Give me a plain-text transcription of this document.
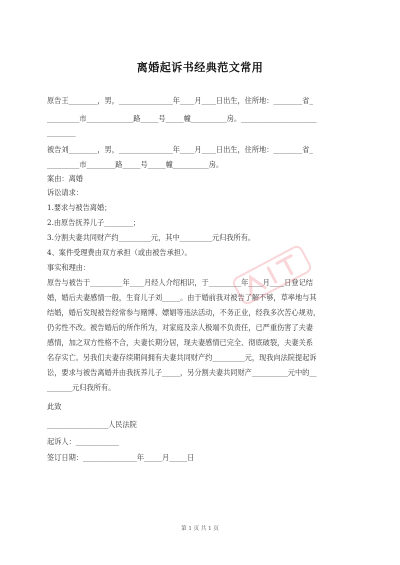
离婚起诉书经典范文常用
原告王________，男，_______________年____月____日出生，住所地：________省_
_________市_____________路_____号_____幢__________房。_____________________
________
被告刘________，男，_______________年____月____日出生，住所地：________省_
_________市________路_____号_____幢__________房。
案由：离婚
诉讼请求：
1.要求与被告离婚；
2.由原告抚养儿子________；
3.分割夫妻共同财产约_________元，其中_________元归我所有。
4、案件受理费由双方承担（或由被告承担）。
事实和理由：
原告与被告于_________年____月经人介绍相识，于_________年____月____日登记结
婚，婚后夫妻感情一般，生育儿子刘_____。由于婚前我对被告了解不够，草率地与其
结婚，婚后发现被告经常参与赌博、嫖娼等违法活动，不务正业，经我多次苦心规劝，
仍劣性不改。被告婚后的所作所为，对家庭及亲人极端不负责任，已严重伤害了夫妻
感情，加之双方性格不合，夫妻长期分居，现夫妻感情已完全、彻底破裂，夫妻关系
名存实亡。另我们夫妻存续期间拥有夫妻共同财产约_________元，现我向法院提起诉
讼，要求与被告离婚并由我抚养儿子_____，另分割夫妻共同财产__________元中的__
_______元归我所有。
此致
_________________人民法院
起诉人：____________
签订日期：_______________年_____月_____日
第 1 页 共 1 页
